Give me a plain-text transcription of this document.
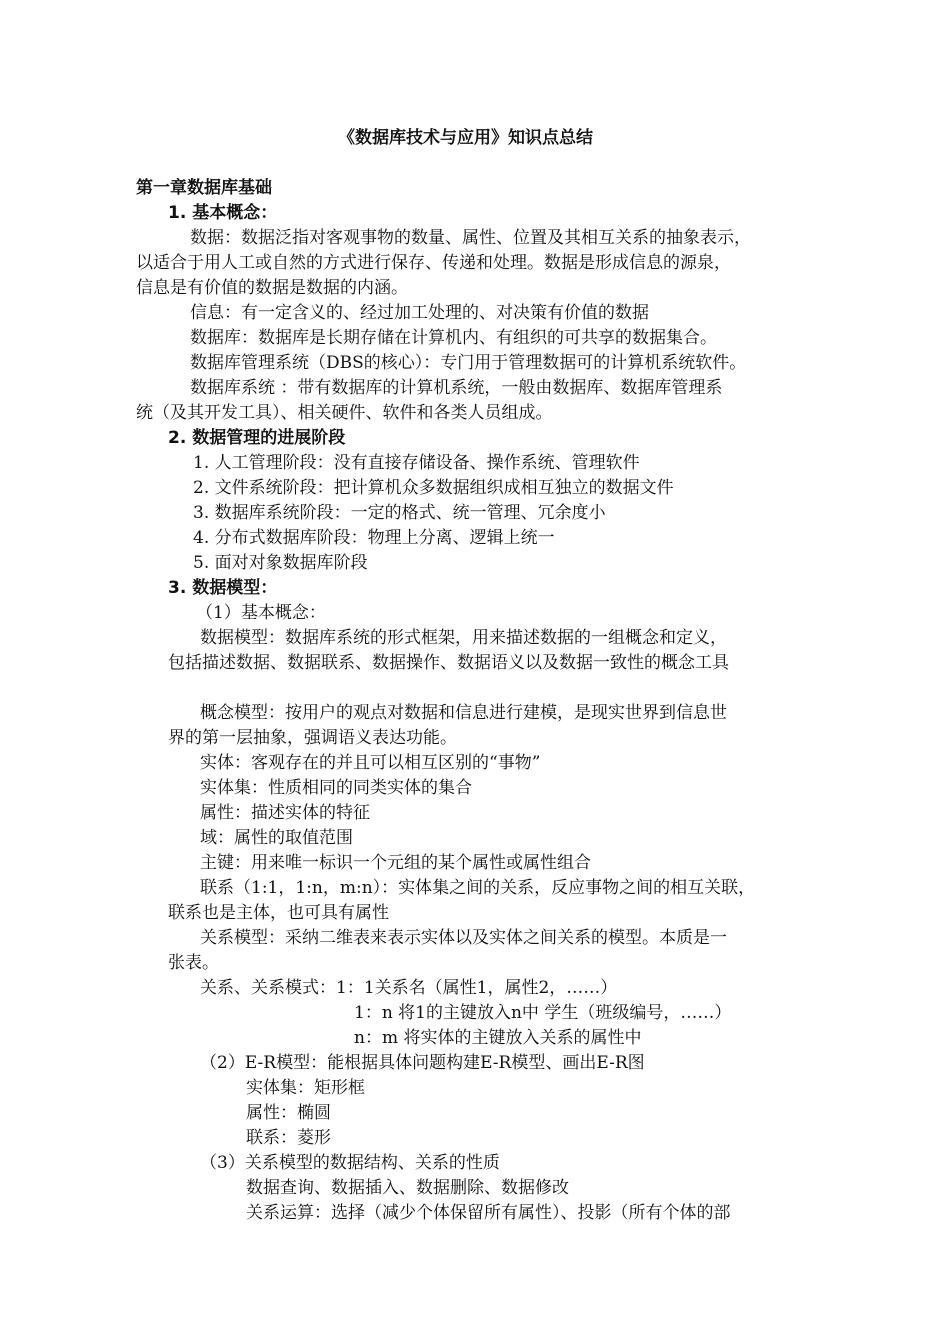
《数据库技术与应用》知识点总结
第一章数据库基础
1. 基本概念：
数据：数据泛指对客观事物的数量、属性、位置及其相互关系的抽象表示，
以适合于用人工或自然的方式进行保存、传递和处理。数据是形成信息的源泉，
信息是有价值的数据是数据的内涵。
信息：有一定含义的、经过加工处理的、对决策有价值的数据
数据库：数据库是长期存储在计算机内、有组织的可共享的数据集合。
数据库管理系统（DBS的核心）：专门用于管理数据可的计算机系统软件。
数据库系统 ：带有数据库的计算机系统，一般由数据库、数据库管理系
统（及其开发工具）、相关硬件、软件和各类人员组成。
2. 数据管理的进展阶段
1. 人工管理阶段：没有直接存储设备、操作系统、管理软件
2. 文件系统阶段：把计算机众多数据组织成相互独立的数据文件
3. 数据库系统阶段：一定的格式、统一管理、冗余度小
4. 分布式数据库阶段：物理上分离、逻辑上统一
5. 面对对象数据库阶段
3. 数据模型：
（1）基本概念：
数据模型：数据库系统的形式框架，用来描述数据的一组概念和定义，
包括描述数据、数据联系、数据操作、数据语义以及数据一致性的概念工具
概念模型：按用户的观点对数据和信息进行建模，是现实世界到信息世
界的第一层抽象，强调语义表达功能。
实体：客观存在的并且可以相互区别的“事物”
实体集：性质相同的同类实体的集合
属性：描述实体的特征
域：属性的取值范围
主键：用来唯一标识一个元组的某个属性或属性组合
联系（1:1，1:n，m:n）：实体集之间的关系，反应事物之间的相互关联，
联系也是主体，也可具有属性
关系模型：采纳二维表来表示实体以及实体之间关系的模型。本质是一
张表。
关系、关系模式：1：1关系名（属性1，属性2，……）
1：n 将1的主键放入n中 学生（班级编号，……）
n：m 将实体的主键放入关系的属性中
（2）E-R模型：能根据具体问题构建E-R模型、画出E-R图
实体集：矩形框
属性：椭圆
联系：菱形
（3）关系模型的数据结构、关系的性质
数据查询、数据插入、数据删除、数据修改
关系运算：选择（减少个体保留所有属性）、投影（所有个体的部
